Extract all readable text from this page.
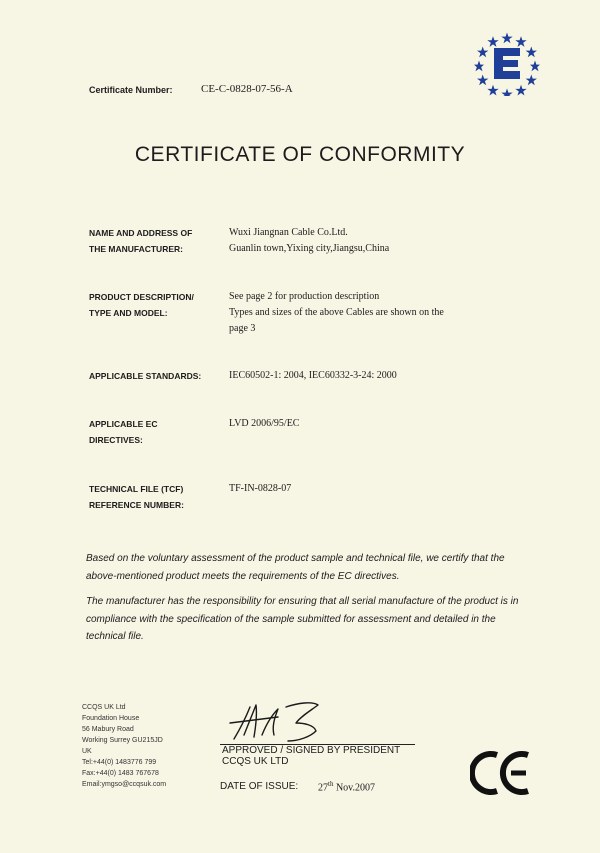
Certificate Number:	CE-C-0828-07-56-A
CERTIFICATE OF CONFORMITY
NAME AND ADDRESS OF
THE MANUFACTURER:
Wuxi Jiangnan Cable Co.Ltd.
Guanlin town,Yixing city,Jiangsu,China
PRODUCT DESCRIPTION/
TYPE AND MODEL:
See page 2 for production description
Types and sizes of the above Cables are shown on the
page 3
APPLICABLE STANDARDS:	IEC60502-1: 2004, IEC60332-3-24: 2000
APPLICABLE EC
DIRECTIVES:
LVD 2006/95/EC
TECHNICAL FILE (TCF)
REFERENCE NUMBER:
TF-IN-0828-07

Based on the voluntary assessment of the product sample and technical file, we certify that the above-mentioned product meets the requirements of the EC directives.

The manufacturer has the responsibility for ensuring that all serial manufacture of the product is in compliance with the specification of the sample submitted for assessment and detailed in the technical file.

CCQS UK Ltd
Foundation House
56 Mabury Road
Working Surrey GU215JD
UK
Tel:+44(0) 1483776 799
Fax:+44(0) 1483 767678
Email:ymgso@ccqsuk.com
APPROVED / SIGNED BY PRESIDENT
CCQS UK LTD
DATE OF ISSUE: 27th Nov.2007
